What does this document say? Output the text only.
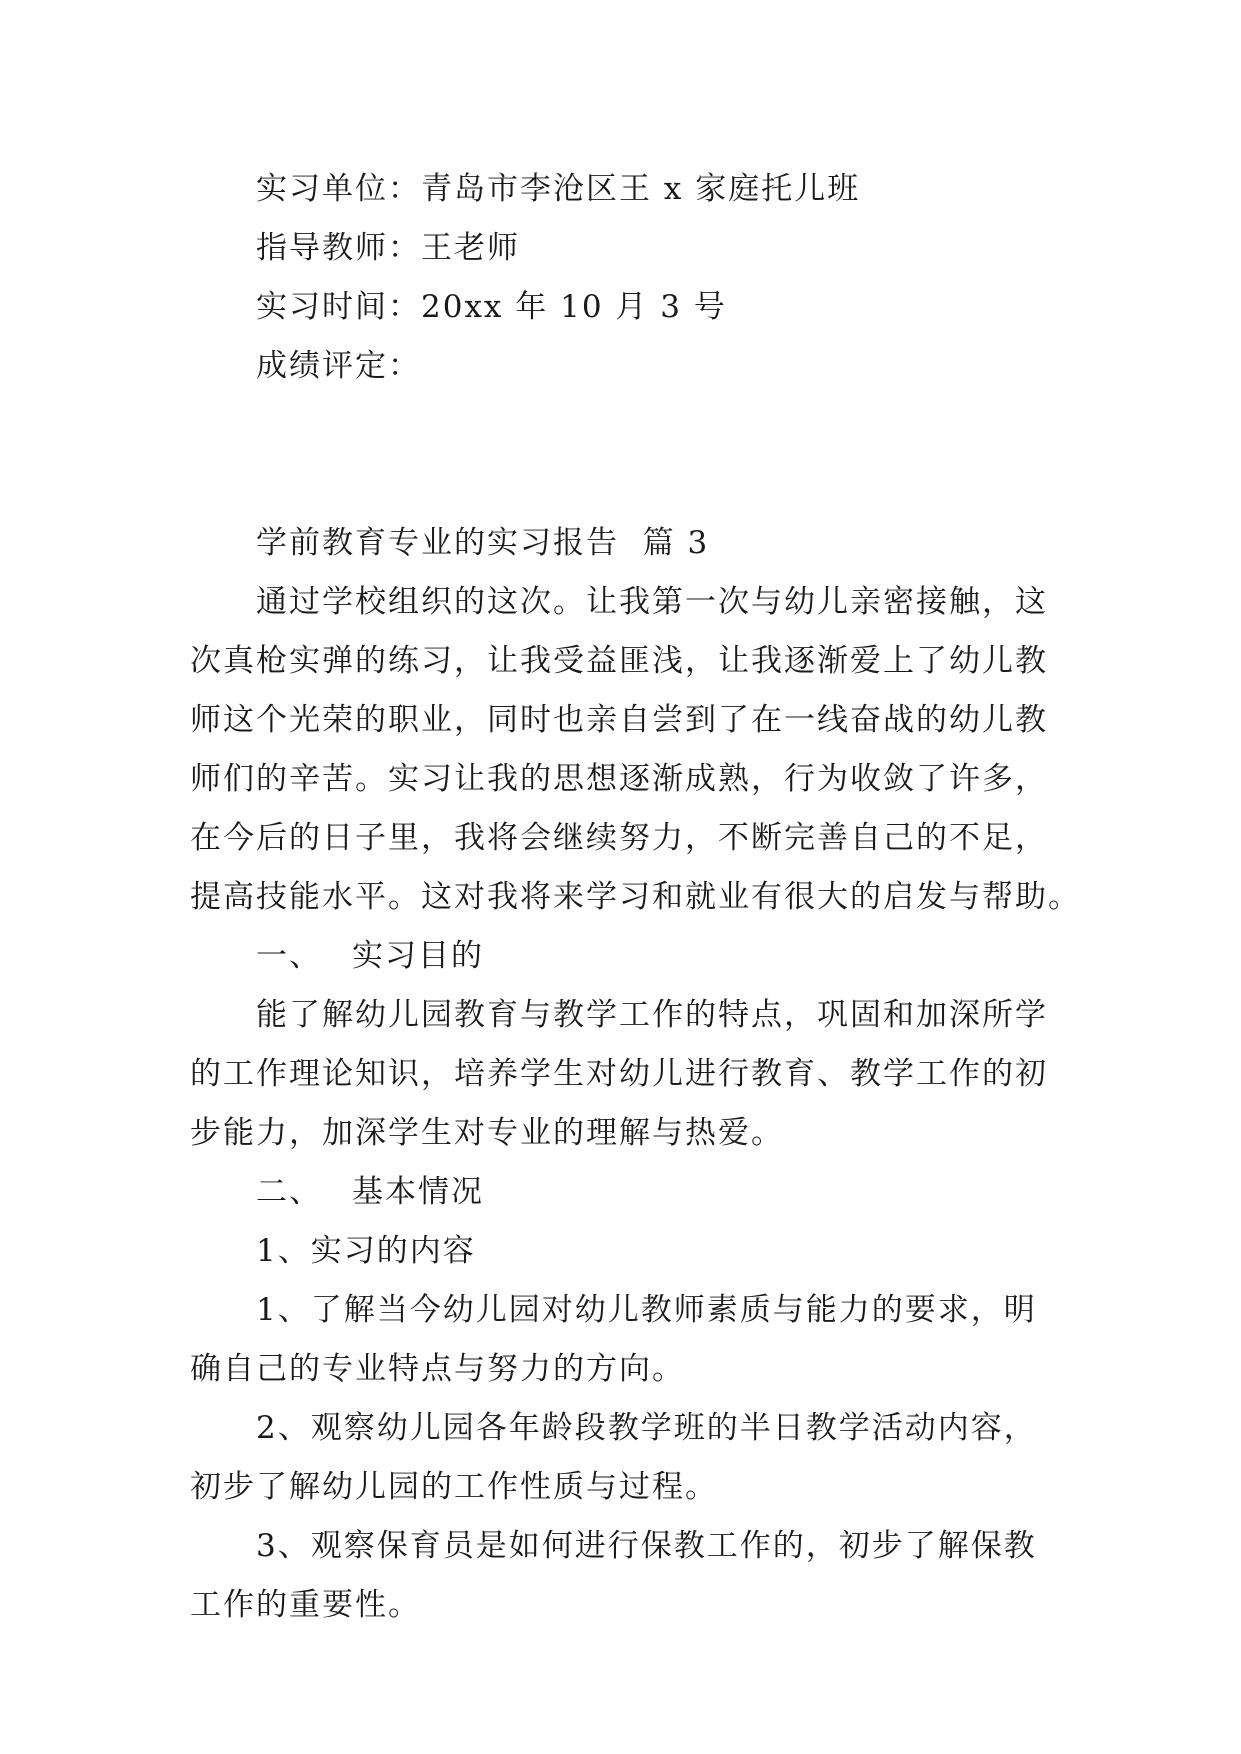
实习单位：青岛市李沧区王 x 家庭托儿班
指导教师：王老师
实习时间：20xx 年 10 月 3 号
成绩评定：
学前教育专业的实习报告  篇 3
通过学校组织的这次。让我第一次与幼儿亲密接触，这
次真枪实弹的练习，让我受益匪浅，让我逐渐爱上了幼儿教
师这个光荣的职业，同时也亲自尝到了在一线奋战的幼儿教
师们的辛苦。实习让我的思想逐渐成熟，行为收敛了许多，
在今后的日子里，我将会继续努力，不断完善自己的不足，
提高技能水平。这对我将来学习和就业有很大的启发与帮助。
一、 实习目的
能了解幼儿园教育与教学工作的特点，巩固和加深所学
的工作理论知识，培养学生对幼儿进行教育、教学工作的初
步能力，加深学生对专业的理解与热爱。
二、 基本情况
1、实习的内容
1、了解当今幼儿园对幼儿教师素质与能力的要求，明
确自己的专业特点与努力的方向。
2、观察幼儿园各年龄段教学班的半日教学活动内容，
初步了解幼儿园的工作性质与过程。
3、观察保育员是如何进行保教工作的，初步了解保教
工作的重要性。
